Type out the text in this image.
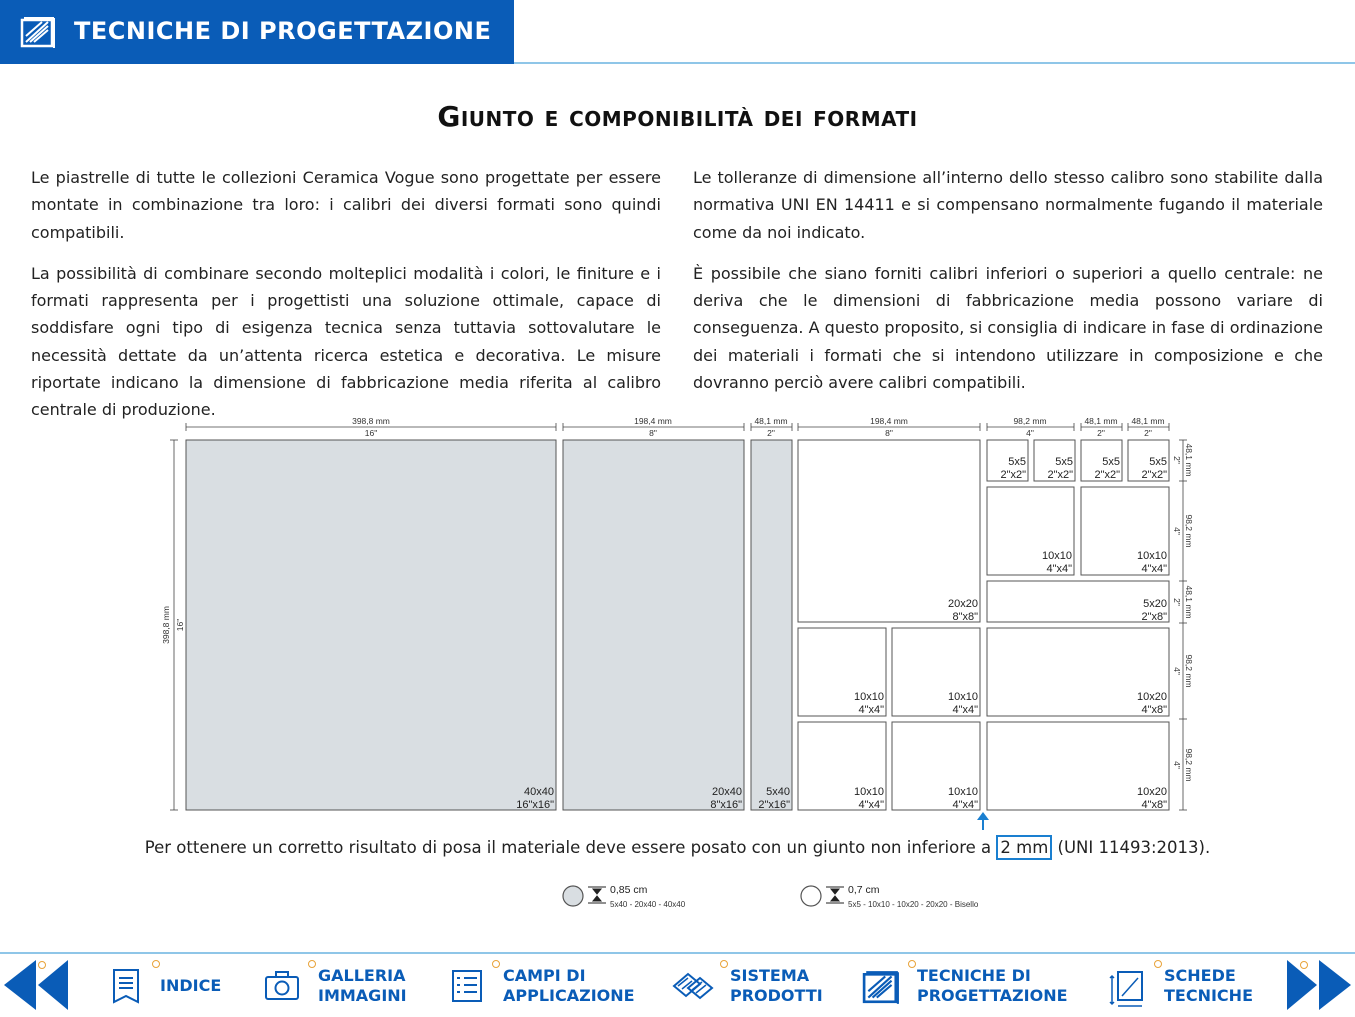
TECNICHE DI PROGETTAZIONE
Giunto e componibilità dei formati

Le piastrelle di tutte le collezioni Ceramica Vogue sono progettate per essere montate in combinazione tra loro: i calibri dei diversi formati sono quindi compatibili.

La possibilità di combinare secondo molteplici modalità i colori, le finiture e i formati rappresenta per i progettisti una soluzione ottimale, capace di soddisfare ogni tipo di esigenza tecnica senza tuttavia sottovalutare le necessità dettate da un’attenta ricerca estetica e decorativa. Le misure riportate indicano la dimensione di fabbricazione media riferita al calibro centrale di produzione.

Le tolleranze di dimensione all’interno dello stesso calibro sono stabilite dalla normativa UNI EN 14411 e si compensano normalmente fugando il materiale come da noi indicato.

È possibile che siano forniti calibri inferiori o superiori a quello centrale: ne deriva che le dimensioni di fabbricazione media possono variare di conseguenza. A questo proposito, si consiglia di indicare in fase di ordinazione dei materiali i formati che si intendono utilizzare in composizione e che dovranno perciò avere calibri compatibili.

398,8 mm
16"
198,4 mm
8"
48,1 mm
2"
198,4 mm
8"
98,2 mm
4"
48,1 mm
2"
48,1 mm
2"
398,8 mm 16"
48,1 mm
2"
98,2 mm
4"
48,1 mm
2"
98,2 mm
4"
98,2 mm
4"
40x40
16"x16"
20x40
8"x16"
5x40
2"x16"
20x20
8"x8"
5x5
2"x2"
5x5
2"x2"
5x5
2"x2"
5x5
2"x2"
10x10
4"x4"
10x10
4"x4"
5x20
2"x8"
10x10
4"x4"
10x10
4"x4"
10x20
4"x8"
10x10
4"x4"
10x10
4"x4"
10x20
4"x8"
Per ottenere un corretto risultato di posa il materiale deve essere posato con un giunto non inferiore a 2 mm (UNI 11493:2013).
0,85 cm
5x40 - 20x40 - 40x40
0,7 cm
5x5 - 10x10 - 10x20 - 20x20 - Bisello
INDICE
GALLERIA
IMMAGINI
CAMPI DI
APPLICAZIONE
SISTEMA
PRODOTTI
TECNICHE DI
PROGETTAZIONE
SCHEDE
TECNICHE
